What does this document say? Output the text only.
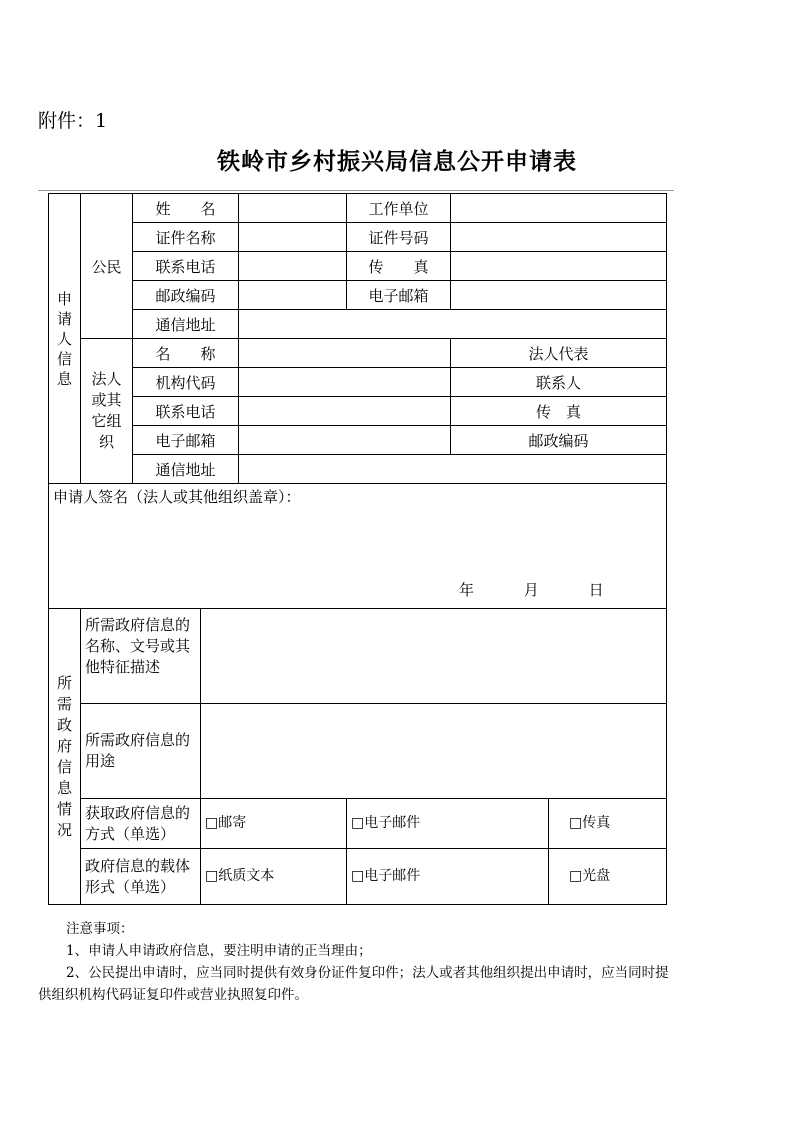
附件：1
铁岭市乡村振兴局信息公开申请表
申请人信息	公民	姓　　名			工作单位			
		证件名称			证件号码			
		联系电话			传　　真			
		邮政编码			电子邮箱			
		通信地址						
	法人或其它组织	名　　称				法人代表		
		机构代码				联系人		
		联系电话				传　真		
		电子邮箱				邮政编码		
		通信地址						
申请人签名（法人或其他组织盖章）：
年 月 日								

所需政府信息情况	所需政府信息的名称、文号或其他特征描述							
	所需政府信息的用途							
	获取政府信息的方式（单选）		□邮寄		□电子邮件		□传真	
	政府信息的载体形式（单选）		□纸质文本		□电子邮件		□光盘	

注意事项：

1、申请人申请政府信息，要注明申请的正当理由；

2、公民提出申请时，应当同时提供有效身份证件复印件；法人或者其他组织提出申请时，应当同时提供组织机构代码证复印件或营业执照复印件。
